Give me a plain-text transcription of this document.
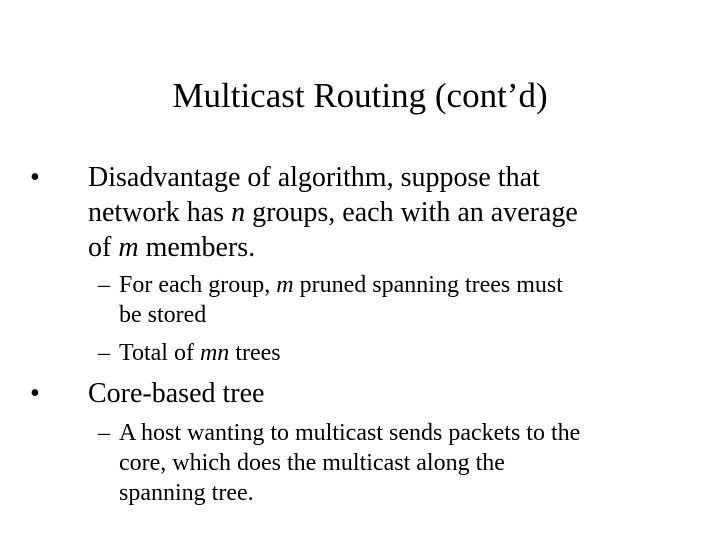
Multicast Routing (cont’d)
•	Disadvantage of algorithm, suppose that
network has n groups, each with an average
of m members.
– For each group, m pruned spanning trees must
be stored
– Total of mn trees
•	Core-based tree
– A host wanting to multicast sends packets to the
core, which does the multicast along the
spanning tree.
